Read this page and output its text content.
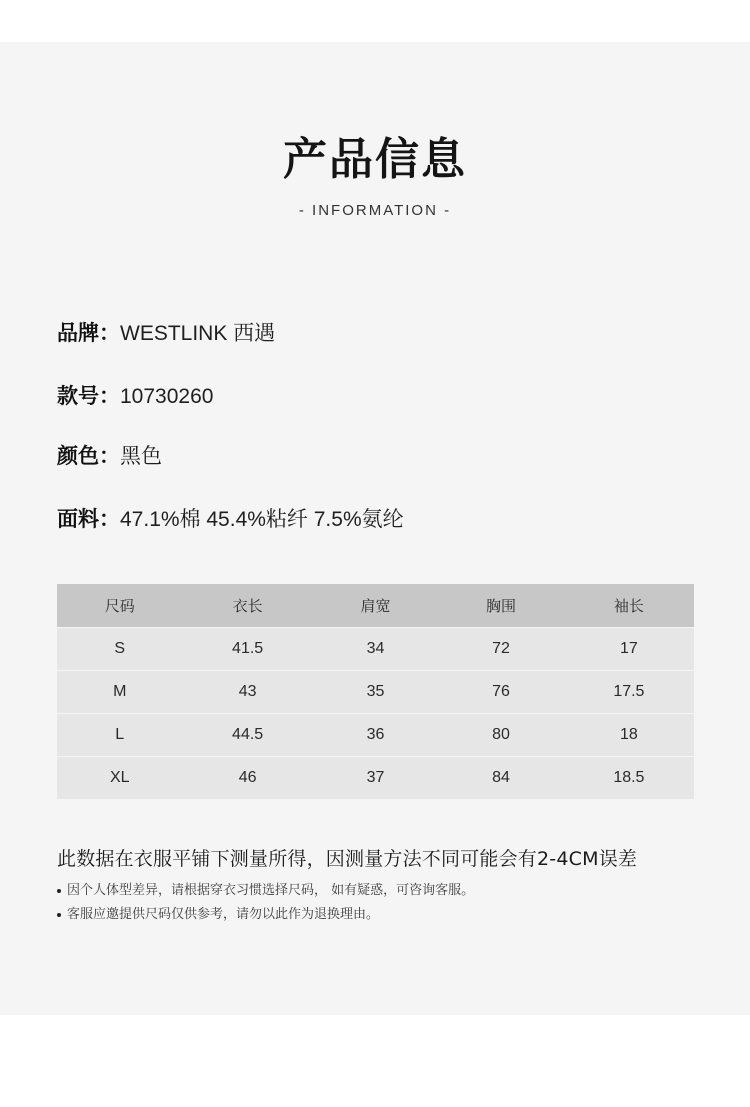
产品信息
- INFORMATION -
品牌：WESTLINK 西遇
款号：10730260
颜色：黑色
面料：47.1%棉 45.4%粘纤 7.5%氨纶
尺码	衣长	肩宽	胸围	袖长
S	41.5	34	72	17
M	43	35	76	17.5
L	44.5	36	80	18
XL	46	37	84	18.5
此数据在衣服平铺下测量所得，因测量方法不同可能会有2-4CM误差
因个人体型差异，请根据穿衣习惯选择尺码， 如有疑惑，可咨询客服。
客服应邀提供尺码仅供参考，请勿以此作为退换理由。
